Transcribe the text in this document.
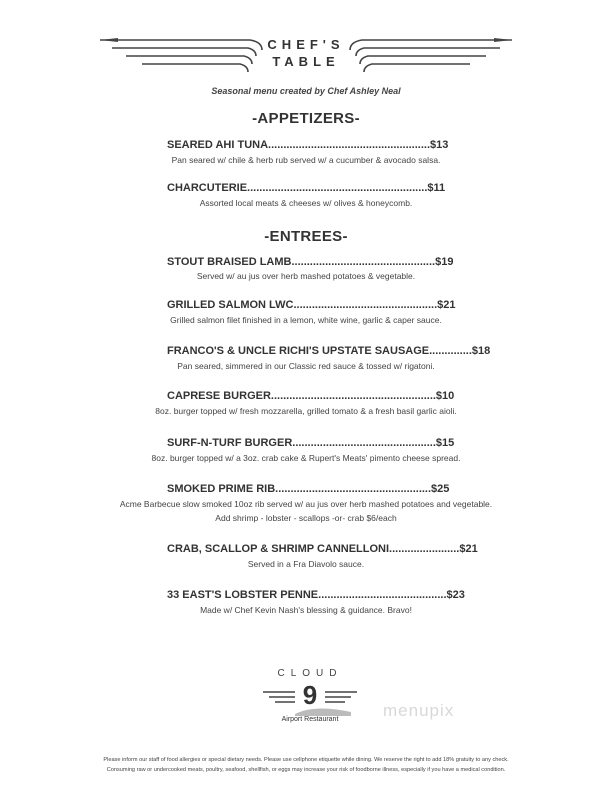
CHEF'S
TABLE
Seasonal menu created by Chef Ashley Neal
-APPETIZERS-
SEARED AHI TUNA.....................................................$13
Pan seared w/ chile & herb rub served w/ a cucumber & avocado salsa.
CHARCUTERIE...........................................................$11
Assorted local meats & cheeses w/ olives & honeycomb.
-ENTREES-
STOUT BRAISED LAMB...............................................$19
Served w/ au jus over herb mashed potatoes & vegetable.
GRILLED SALMON LWC...............................................$21
Grilled salmon filet finished in a lemon, white wine, garlic & caper sauce.
FRANCO'S & UNCLE RICHI'S UPSTATE SAUSAGE..............$18
Pan seared, simmered in our Classic red sauce & tossed w/ rigatoni.
CAPRESE BURGER......................................................$10
8oz. burger topped w/ fresh mozzarella, grilled tomato & a fresh basil garlic aioli.
SURF-N-TURF BURGER...............................................$15
8oz. burger topped w/ a 3oz. crab cake & Rupert's Meats' pimento cheese spread.
SMOKED PRIME RIB...................................................$25
Acme Barbecue slow smoked 10oz rib served w/ au jus over herb mashed potatoes and vegetable.
Add shrimp - lobster - scallops -or- crab $6/each
CRAB, SCALLOP & SHRIMP CANNELLONI.......................$21
Served in a Fra Diavolo sauce.
33 EAST'S LOBSTER PENNE..........................................$23
Made w/ Chef Kevin Nash's blessing & guidance. Bravo!
CLOUD
9
Airport Restaurant	menupix
Please inform our staff of food allergies or special dietary needs. Please use cellphone etiquette while dining. We reserve the right to add 18% gratuity to any check.
Consuming raw or undercooked meats, poultry, seafood, shellfish, or eggs may increase your risk of foodborne illness, especially if you have a medical condition.
